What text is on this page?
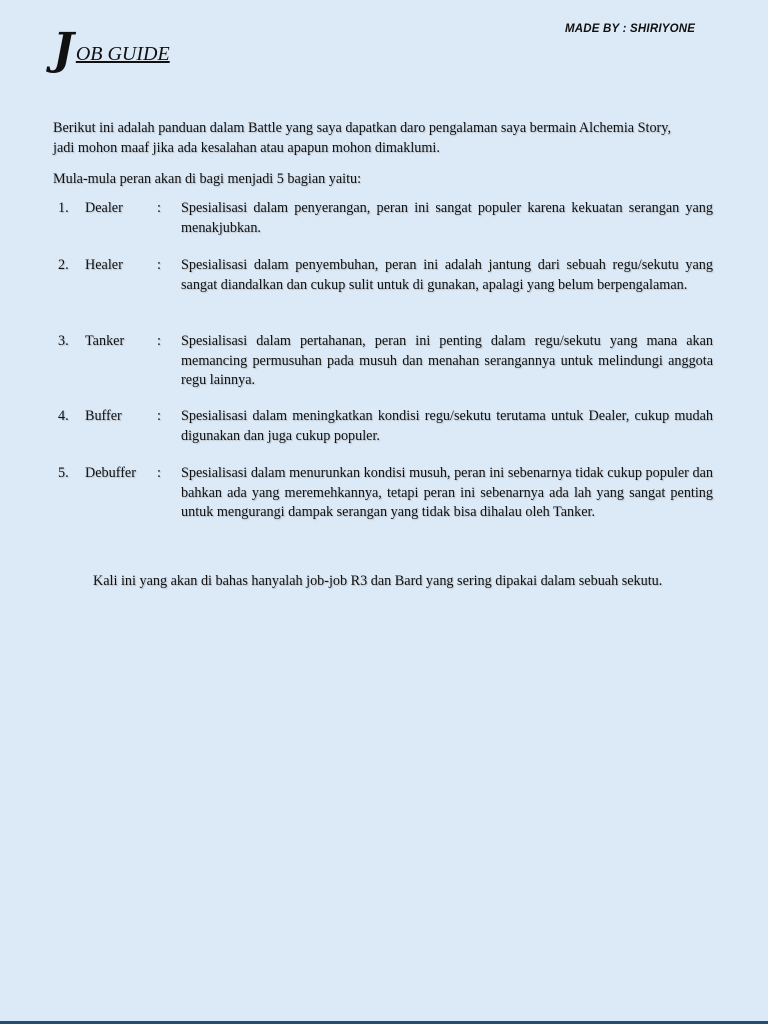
MADE BY : SHIRIYONE
J OB GUIDE
Berikut ini adalah panduan dalam Battle yang saya dapatkan daro pengalaman saya bermain Alchemia Story, jadi mohon maaf jika ada kesalahan atau apapun mohon dimaklumi.
Mula-mula peran akan di bagi menjadi 5 bagian yaitu:
1. Dealer : Spesialisasi dalam penyerangan, peran ini sangat populer karena kekuatan serangan yang menakjubkan.
2. Healer : Spesialisasi dalam penyembuhan, peran ini adalah jantung dari sebuah regu/sekutu yang sangat diandalkan dan cukup sulit untuk di gunakan, apalagi yang belum berpengalaman.
3. Tanker : Spesialisasi dalam pertahanan, peran ini penting dalam regu/sekutu yang mana akan memancing permusuhan pada musuh dan menahan serangannya untuk melindungi anggota regu lainnya.
4. Buffer : Spesialisasi dalam meningkatkan kondisi regu/sekutu terutama untuk Dealer, cukup mudah digunakan dan juga cukup populer.
5. Debuffer : Spesialisasi dalam menurunkan kondisi musuh, peran ini sebenarnya tidak cukup populer dan bahkan ada yang meremehkannya, tetapi peran ini sebenarnya ada lah yang sangat penting untuk mengurangi dampak serangan yang tidak bisa dihalau oleh Tanker.
Kali ini yang akan di bahas hanyalah job-job R3 dan Bard yang sering dipakai dalam sebuah sekutu.
